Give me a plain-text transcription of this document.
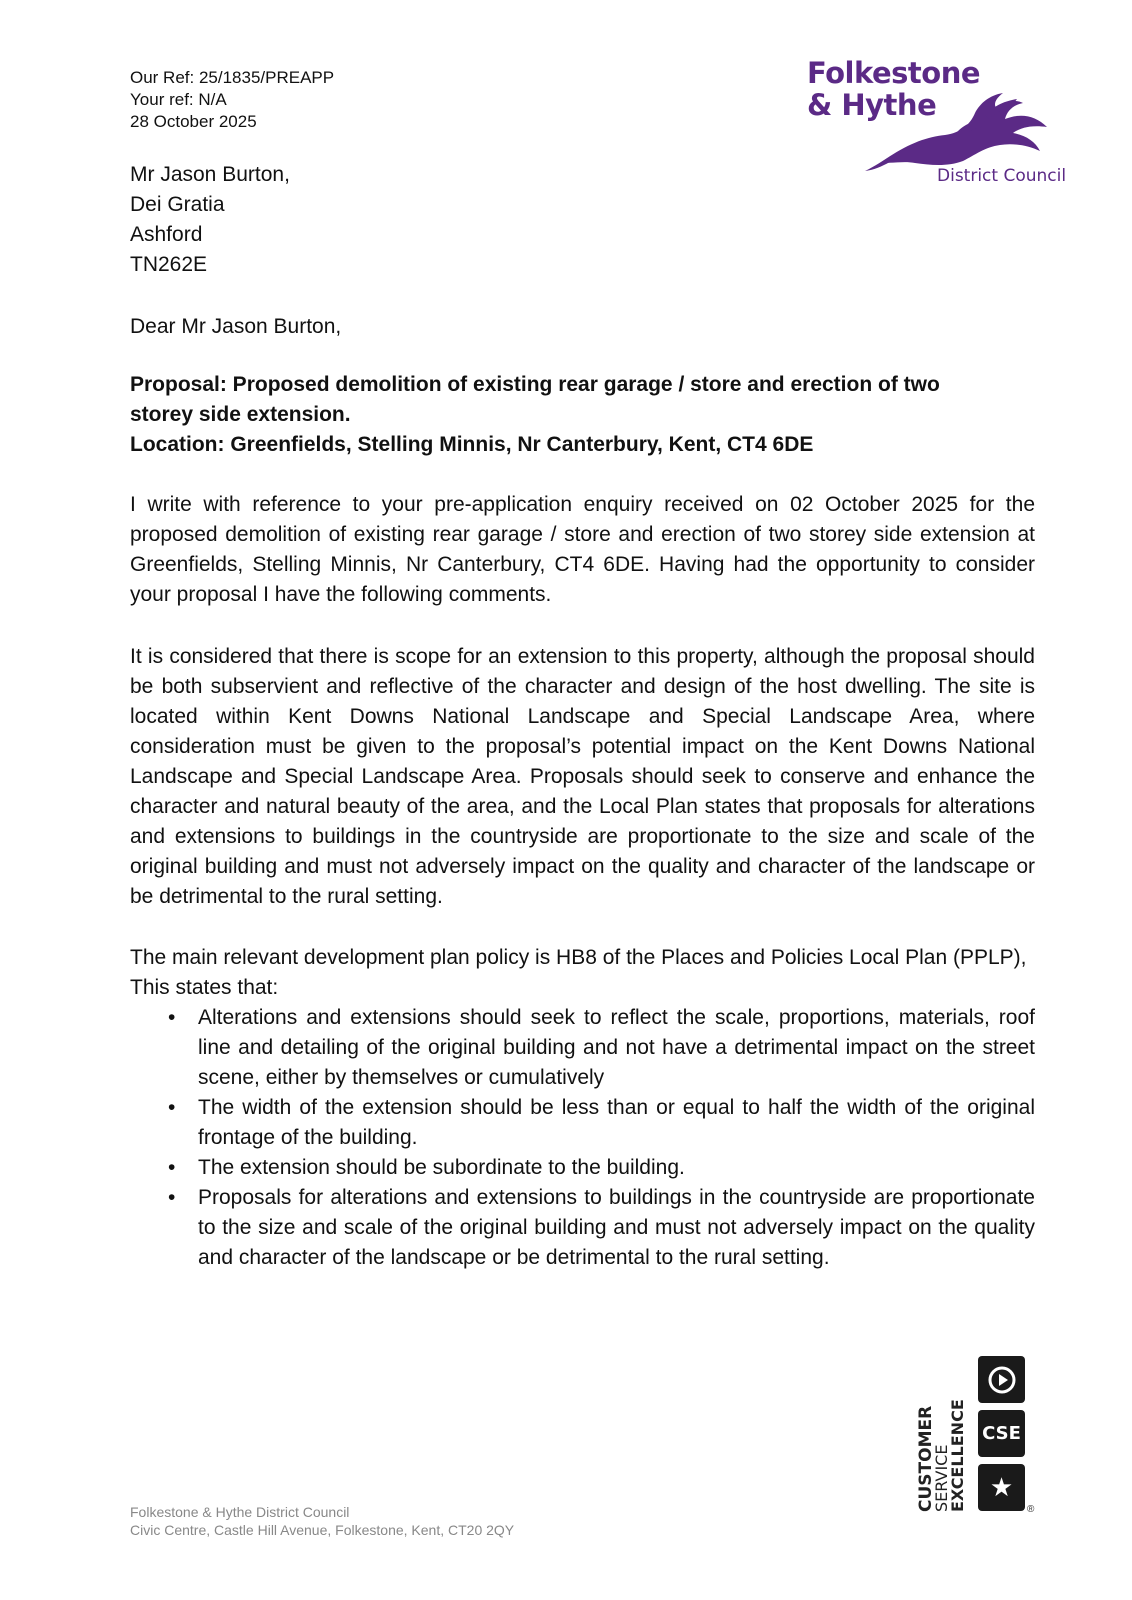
Our Ref: 25/1835/PREAPP
Your ref: N/A
28 October 2025
Folkestone
& Hythe
District Council
Mr Jason Burton,
Dei Gratia
Ashford
TN262E
Dear Mr Jason Burton,
Proposal: Proposed demolition of existing rear garage / store and erection of two
storey side extension.
Location: Greenfields, Stelling Minnis, Nr Canterbury, Kent, CT4 6DE
I write with reference to your pre-application enquiry received on 02 October 2025 for the proposed demolition of existing rear garage / store and erection of two storey side extension at Greenfields, Stelling Minnis, Nr Canterbury, CT4 6DE. Having had the opportunity to consider your proposal I have the following comments.
It is considered that there is scope for an extension to this property, although the proposal should be both subservient and reflective of the character and design of the host dwelling. The site is located within Kent Downs National Landscape and Special Landscape Area, where consideration must be given to the proposal’s potential impact on the Kent Downs National Landscape and Special Landscape Area. Proposals should seek to conserve and enhance the character and natural beauty of the area, and the Local Plan states that proposals for alterations and extensions to buildings in the countryside are proportionate to the size and scale of the original building and must not adversely impact on the quality and character of the landscape or be detrimental to the rural setting.
The main relevant development plan policy is HB8 of the Places and Policies Local Plan (PPLP), This states that:
• Alterations and extensions should seek to reflect the scale, proportions, materials, roof line and detailing of the original building and not have a detrimental impact on the street scene, either by themselves or cumulatively
• The width of the extension should be less than or equal to half the width of the original frontage of the building.
• The extension should be subordinate to the building.
• Proposals for alterations and extensions to buildings in the countryside are proportionate to the size and scale of the original building and must not adversely impact on the quality and character of the landscape or be detrimental to the rural setting.
Folkestone & Hythe District Council
Civic Centre, Castle Hill Avenue, Folkestone, Kent, CT20 2QY
CUSTOMER
SERVICE
EXCELLENCE CSE
★
®
